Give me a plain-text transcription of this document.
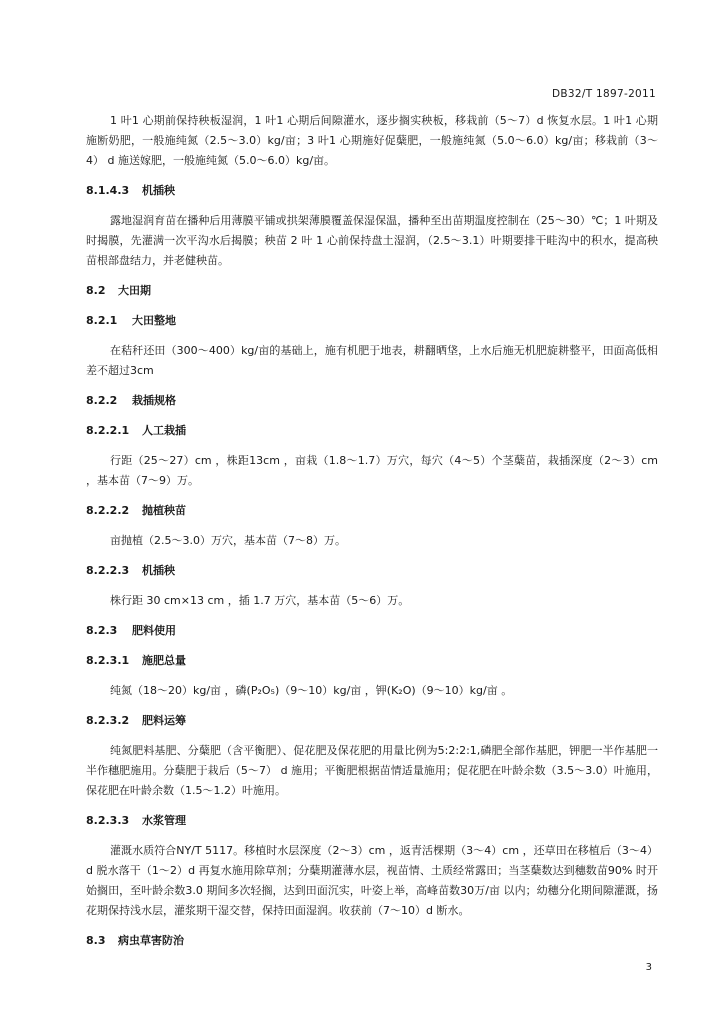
DB32/T 1897-2011

1 叶1 心期前保持秧板湿润，1 叶1 心期后间隙灌水，逐步搁实秧板，移栽前（5～7）d 恢复水层。1 叶1 心期施断奶肥，一般施纯氮（2.5～3.0）kg/亩；3 叶1 心期施好促蘖肥，一般施纯氮（5.0～6.0）kg/亩；移栽前（3～4） d 施送嫁肥，一般施纯氮（5.0～6.0）kg/亩。

8.1.4.3 机插秧

露地湿润育苗在播种后用薄膜平铺或拱架薄膜覆盖保湿保温，播种至出苗期温度控制在（25～30）℃；1 叶期及时揭膜，先灌满一次平沟水后揭膜；秧苗 2 叶 1 心前保持盘土湿润，（2.5～3.1）叶期要排干畦沟中的积水，提高秧苗根部盘结力，并老健秧苗。

8.2 大田期
8.2.1 大田整地

在秸秆还田（300～400）kg/亩的基础上，施有机肥于地表，耕翻晒垡，上水后施无机肥旋耕整平，田面高低相差不超过3cm

8.2.2 栽插规格
8.2.2.1 人工栽插

行距（25～27）cm ，株距13cm ，亩栽（1.8～1.7）万穴，每穴（4～5）个茎蘖苗，栽插深度（2～3）cm ，基本苗（7～9）万。

8.2.2.2 抛植秧苗

亩抛植（2.5～3.0）万穴，基本苗（7～8）万。

8.2.2.3 机插秧

株行距 30 cm×13 cm ，插 1.7 万穴，基本苗（5～6）万。

8.2.3 肥料使用
8.2.3.1 施肥总量

纯氮（18～20）kg/亩 ，磷(P₂O₅)（9～10）kg/亩 ，钾(K₂O)（9～10）kg/亩 。

8.2.3.2 肥料运筹

纯氮肥料基肥、分蘖肥（含平衡肥）、促花肥及保花肥的用量比例为5:2:2:1,磷肥全部作基肥，钾肥一半作基肥一半作穗肥施用。分蘖肥于栽后（5～7） d 施用；平衡肥根据苗情适量施用；促花肥在叶龄余数（3.5～3.0）叶施用，保花肥在叶龄余数（1.5～1.2）叶施用。

8.2.3.3 水浆管理

灌溉水质符合NY/T 5117。移植时水层深度（2～3）cm ，返青活棵期（3～4）cm ，还草田在移植后（3～4）d 脱水落干（1～2）d 再复水施用除草剂；分蘖期灌薄水层，视苗情、土质经常露田；当茎蘖数达到穗数苗90% 时开始搁田，至叶龄余数3.0 期间多次轻搁，达到田面沉实，叶姿上举，高峰苗数30万/亩 以内；幼穗分化期间隙灌溉，扬花期保持浅水层，灌浆期干湿交替，保持田面湿润。收获前（7～10）d 断水。

8.3 病虫草害防治
3
